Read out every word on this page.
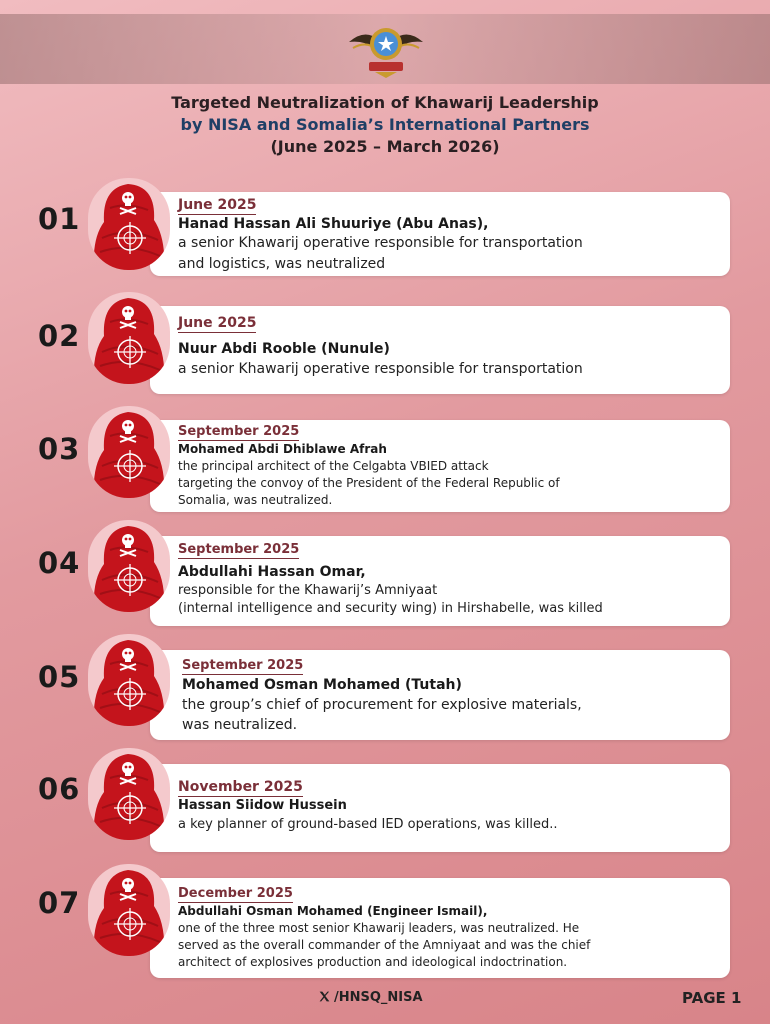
Targeted Neutralization of Khawarij Leadership
by NISA and Somalia’s International Partners
(June 2025 – March 2026)
01	June 2025
Hanad Hassan Ali Shuuriye (Abu Anas),
a senior Khawarij operative responsible for transportation
and logistics, was neutralized
02	June 2025
Nuur Abdi Rooble (Nunule)
a senior Khawarij operative responsible for transportation
03
September 2025
Mohamed Abdi Dhiblawe Afrah
the principal architect of the Celgabta VBIED attack
targeting the convoy of the President of the Federal Republic of
Somalia, was neutralized.
04	September 2025
Abdullahi Hassan Omar,
responsible for the Khawarij’s Amniyaat
(internal intelligence and security wing) in Hirshabelle, was killed
05	September 2025
Mohamed Osman Mohamed (Tutah)
the group’s chief of procurement for explosive materials,
was neutralized.
06	November 2025
Hassan Siidow Hussein
a key planner of ground-based IED operations, was killed..
07	December 2025
Abdullahi Osman Mohamed (Engineer Ismail),
one of the three most senior Khawarij leaders, was neutralized. He
served as the overall commander of the Amniyaat and was the chief
architect of explosives production and ideological indoctrination.
/HNSQ_NISA	PAGE 1
